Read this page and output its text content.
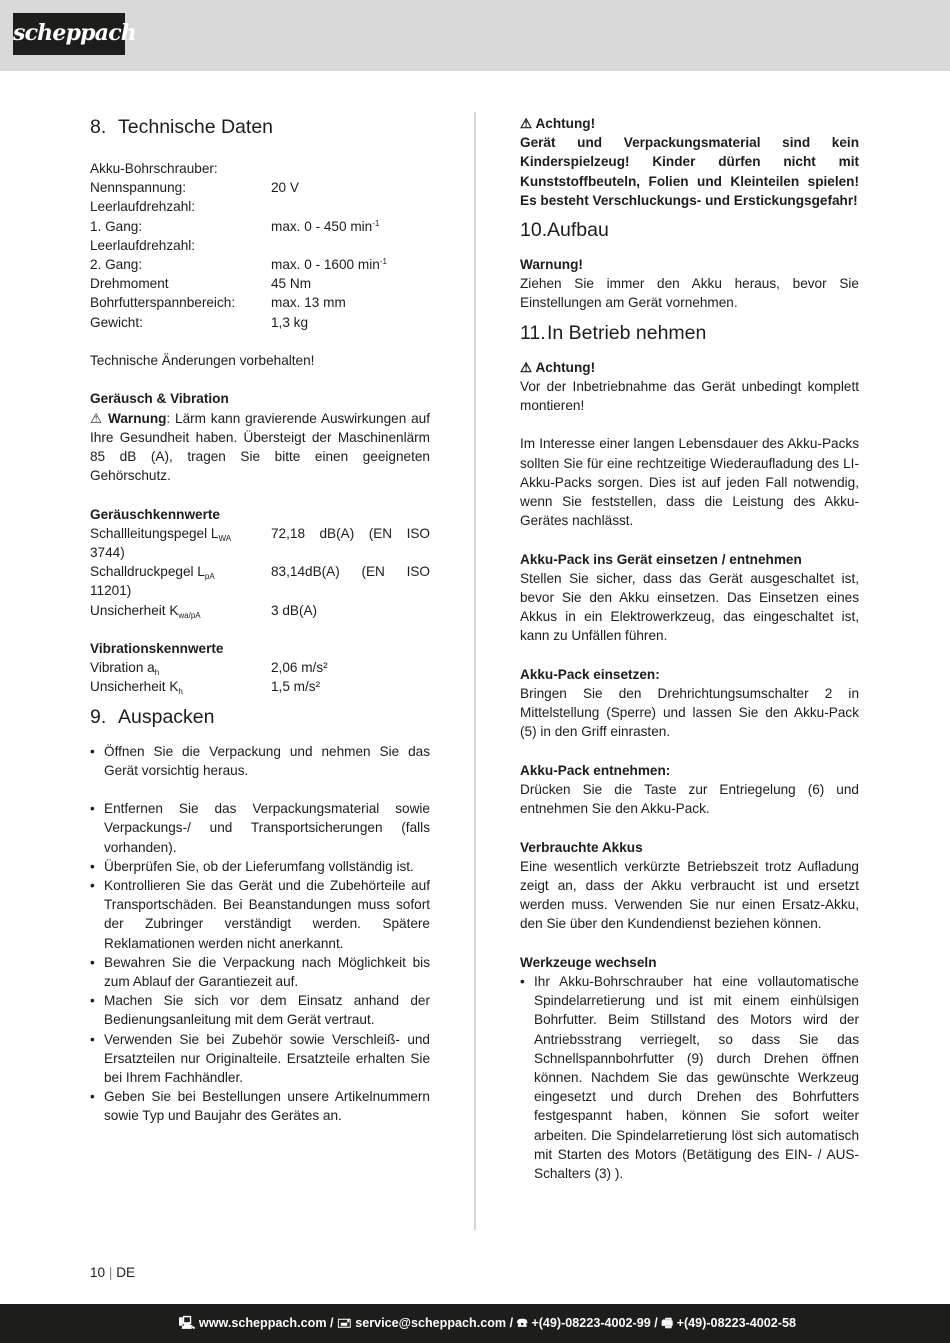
scheppach
8. Technische Daten

Akku-Bohrschrauber:

Nennspannung:	20 V
Leerlaufdrehzahl:
1. Gang:	max. 0 - 450 $\min^{-1}$
Leerlaufdrehzahl:
2. Gang:	max. 0 - 1600 $\min^{-1}$
Drehmoment	45 Nm
Bohrfutterspannbereich:	max. 13 mm
Gewicht:	1,3 kg

Technische Änderungen vorbehalten!

Geräusch & Vibration

⚠ Warnung: Lärm kann gravierende Auswirkungen auf Ihre Gesundheit haben. Übersteigt der Maschinenlärm 85 dB (A), tragen Sie bitte einen geeigneten Gehörschutz.

Geräuschkennwerte

Schallleitungspegel $L_{WA}$	72,18 dB(A) (EN ISO

3744)

Schalldruckpegel $L_{pA}$	83,14dB(A) (EN ISO

11201)

Unsicherheit $K_{wa/pA}$	3 dB(A)

Vibrationskennwerte

Vibration $a_h$	2,06 m/s²
Unsicherheit $K_h$	1,5 m/s²
9. Auspacken
• Öffnen Sie die Verpackung und nehmen Sie das Gerät vorsichtig heraus.
• Entfernen Sie das Verpackungsmaterial sowie Verpackungs-/ und Transportsicherungen (falls vorhanden).
• Überprüfen Sie, ob der Lieferumfang vollständig ist.
• Kontrollieren Sie das Gerät und die Zubehörteile auf Transportschäden. Bei Beanstandungen muss sofort der Zubringer verständigt werden. Spätere Reklamationen werden nicht anerkannt.
• Bewahren Sie die Verpackung nach Möglichkeit bis zum Ablauf der Garantiezeit auf.
• Machen Sie sich vor dem Einsatz anhand der Bedienungsanleitung mit dem Gerät vertraut.
• Verwenden Sie bei Zubehör sowie Verschleiß- und Ersatzteilen nur Originalteile. Ersatzteile erhalten Sie bei Ihrem Fachhändler.
• Geben Sie bei Bestellungen unsere Artikelnummern sowie Typ und Baujahr des Gerätes an.

⚠ Achtung!

Gerät und Verpackungsmaterial sind kein Kinderspielzeug! Kinder dürfen nicht mit Kunststoffbeuteln, Folien und Kleinteilen spielen! Es besteht Verschluckungs- und Erstickungsgefahr!

10.Aufbau

Warnung!

Ziehen Sie immer den Akku heraus, bevor Sie Einstellungen am Gerät vornehmen.

11.In Betrieb nehmen

⚠ Achtung!

Vor der Inbetriebnahme das Gerät unbedingt komplett montieren!

Im Interesse einer langen Lebensdauer des Akku-Packs sollten Sie für eine rechtzeitige Wiederaufladung des LI-Akku-Packs sorgen. Dies ist auf jeden Fall notwendig, wenn Sie feststellen, dass die Leistung des Akku-Gerätes nachlässt.

Akku-Pack ins Gerät einsetzen / entnehmen

Stellen Sie sicher, dass das Gerät ausgeschaltet ist, bevor Sie den Akku einsetzen. Das Einsetzen eines Akkus in ein Elektrowerkzeug, das eingeschaltet ist, kann zu Unfällen führen.

Akku-Pack einsetzen:

Bringen Sie den Drehrichtungsumschalter 2 in Mittelstellung (Sperre) und lassen Sie den Akku-Pack (5) in den Griff einrasten.

Akku-Pack entnehmen:

Drücken Sie die Taste zur Entriegelung (6) und entnehmen Sie den Akku-Pack.

Verbrauchte Akkus

Eine wesentlich verkürzte Betriebszeit trotz Aufladung zeigt an, dass der Akku verbraucht ist und ersetzt werden muss. Verwenden Sie nur einen Ersatz-Akku, den Sie über den Kundendienst beziehen können.

Werkzeuge wechseln

• Ihr Akku-Bohrschrauber hat eine vollautomatische Spindelarretierung und ist mit einem einhülsigen Bohrfutter. Beim Stillstand des Motors wird der Antriebsstrang verriegelt, so dass Sie das Schnellspannbohrfutter (9) durch Drehen öffnen können. Nachdem Sie das gewünschte Werkzeug eingesetzt und durch Drehen des Bohrfutters festgespannt haben, können Sie sofort weiter arbeiten. Die Spindelarretierung löst sich automatisch mit Starten des Motors (Betätigung des EIN- / AUS-Schalters (3) ).
10 | DE
🖳 www.scheppach.com / 🖃 service@scheppach.com / ☎ +(49)-08223-4002-99 / 🖷 +(49)-08223-4002-58
